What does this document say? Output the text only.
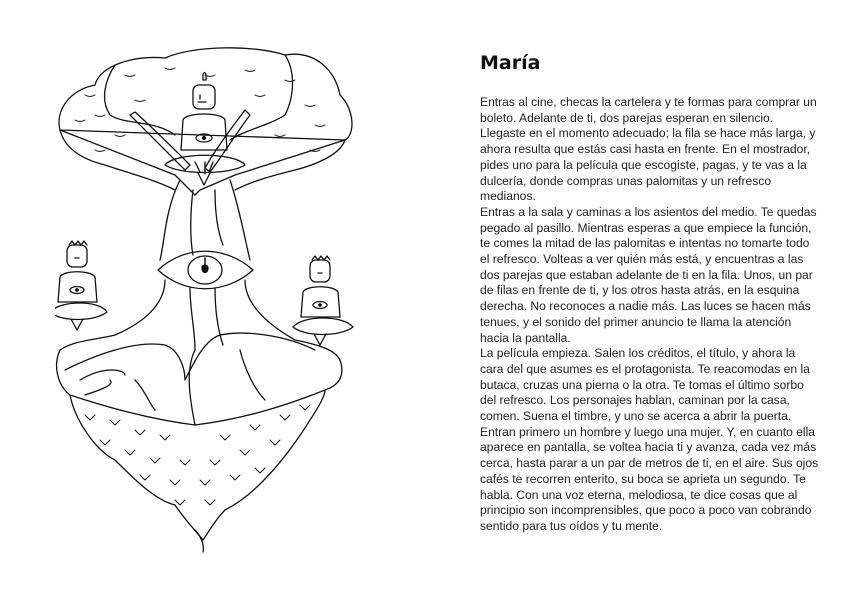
María

Entras al cine, checas la cartelera y te formas para comprar un boleto. Adelante de ti, dos parejas esperan en silencio. Llegaste en el momento adecuado; la fila se hace más larga, y ahora resulta que estás casi hasta en frente. En el mostrador, pides uno para la película que escogiste, pagas, y te vas a la dulcería, donde compras unas palomitas y un refresco medianos.

Entras a la sala y caminas a los asientos del medio. Te quedas pegado al pasillo. Mientras esperas a que empiece la función, te comes la mitad de las palomitas e intentas no tomarte todo el refresco. Volteas a ver quién más está, y encuentras a las dos parejas que estaban adelante de ti en la fila. Unos, un par de filas en frente de ti, y los otros hasta atrás, en la esquina derecha. No reconoces a nadie más. Las luces se hacen más tenues, y el sonido del primer anuncio te llama la atención hacia la pantalla.

La película empieza. Salen los créditos, el título, y ahora la cara del que asumes es el protagonista. Te reacomodas en la butaca, cruzas una pierna o la otra. Te tomas el último sorbo del refresco. Los personajes hablan, caminan por la casa, comen. Suena el timbre, y uno se acerca a abrir la puerta.

Entran primero un hombre y luego una mujer. Y, en cuanto ella aparece en pantalla, se voltea hacia ti y avanza, cada vez más cerca, hasta parar a un par de metros de ti, en el aire. Sus ojos cafés te recorren enterito, su boca se aprieta un segundo. Te habla. Con una voz eterna, melodiosa, te dice cosas que al principio son incomprensibles, que poco a poco van cobrando sentido para tus oídos y tu mente.
